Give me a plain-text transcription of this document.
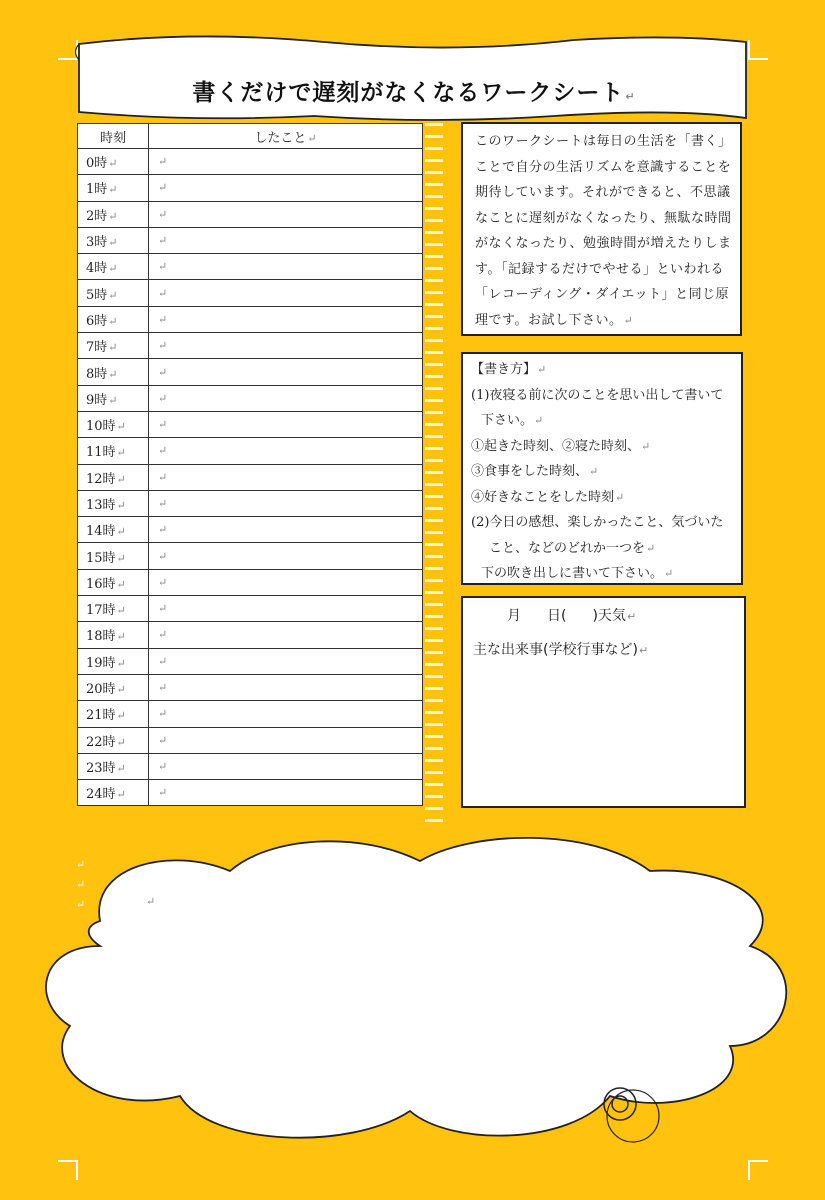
書くだけで遅刻がなくなるワークシート↵
時刻	したこと↵
0時↵	↵
1時↵	↵
2時↵	↵
3時↵	↵
4時↵	↵
5時↵	↵
6時↵	↵
7時↵	↵
8時↵	↵
9時↵	↵
10時↵	↵
11時↵	↵
12時↵	↵
13時↵	↵
14時↵	↵
15時↵	↵
16時↵	↵
17時↵	↵
18時↵	↵
19時↵	↵
20時↵	↵
21時↵	↵
22時↵	↵
23時↵	↵
24時↵	↵
このワークシートは毎日の生活を「書く」ことで自分の生活リズムを意識することを期待しています。それができると、不思議なことに遅刻がなくなったり、無駄な時間がなくなったり、勉強時間が増えたりします。「記録するだけでやせる」といわれる「レコーディング・ダイエット」と同じ原理です。お試し下さい。↵

【書き方】↵

(1)夜寝る前に次のことを思い出して書いて

下さい。↵

①起きた時刻、②寝た時刻、↵

③食事をした時刻、↵

④好きなことをした時刻↵

(2)今日の感想、楽しかったこと、気づいた

こと、などのどれか一つを↵

下の吹き出しに書いて下さい。↵

月 日( )天気↵
主な出来事(学校行事など)↵
↵
↵
↵
↵
